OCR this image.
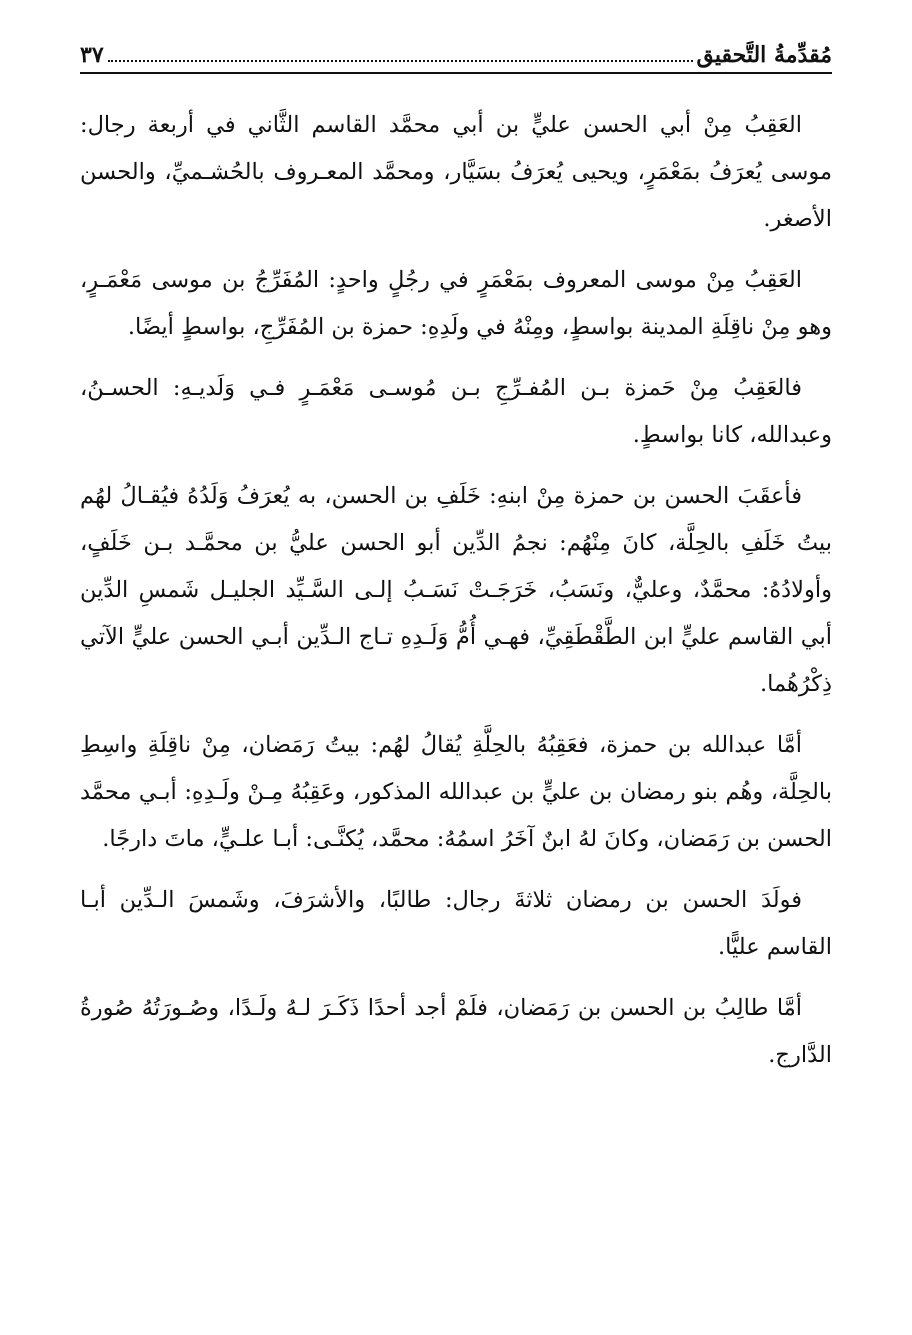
مُقدِّمةُ التَّحقيق
٣٧

العَقِبُ مِنْ أبي الحسن عليٍّ بن أبي محمَّد القاسم الثَّاني في أربعة رجال: موسى يُعرَفُ بمَعْمَرٍ، ويحيى يُعرَفُ بسَيَّار، ومحمَّد المعـروف بالحُشـميِّ، والحسن الأصغر.

العَقِبُ مِنْ موسى المعروف بمَعْمَرٍ في رجُلٍ واحدٍ: المُفَرِّجُ بن موسى مَعْمَـرٍ، وهو مِنْ ناقِلَةِ المدينة بواسطٍ، ومِنْهُ في ولَدِهِ: حمزة بن المُفَرِّجِ، بواسطٍ أيضًا.

فالعَقِبُ مِنْ حَمزة بـن المُفـرِّجِ بـن مُوسـى مَعْمَـرٍ فـي وَلَديـهِ: الحسـنُ، وعبدالله، كانا بواسطٍ.

فأعقَبَ الحسن بن حمزة مِنْ ابنهِ: خَلَفِ بن الحسن، به يُعرَفُ وَلَدُهُ فيُقـالُ لهُم بيتُ خَلَفِ بالحِلَّة، كانَ مِنْهُم: نجمُ الدِّين أبو الحسن عليُّ بن محمَّـد بـن خَلَفٍ، وأولادُهُ: محمَّدٌ، وعليٌّ، ونَسَبُ، خَرَجَـتْ نَسَـبُ إلـى السَّـيِّد الجليـل شَمسِ الدِّين أبي القاسم عليٍّ ابن الطَّقْطَقِيِّ، فهـي أُمُّ وَلَـدِهِ تـاج الـدِّين أبـي الحسن عليٍّ الآتي ذِكْرُهُما.

أمَّا عبدالله بن حمزة، فعَقِبُهُ بالحِلَّةِ يُقالُ لهُم: بيتُ رَمَضان، مِنْ ناقِلَةِ واسِطِ بالحِلَّة، وهُم بنو رمضان بن عليٍّ بن عبدالله المذكور، وعَقِبُهُ مِـنْ ولَـدِهِ: أبـي محمَّد الحسن بن رَمَضان، وكانَ لهُ ابنٌ آخَرُ اسمُهُ: محمَّد، يُكنَّـى: أبـا علـيٍّ، ماتَ دارجًا.

فولَدَ الحسن بن رمضان ثلاثةَ رجال: طالبًا، والأشرَفَ، وشَمسَ الـدِّين أبـا القاسم عليًّا.

أمَّا طالِبُ بن الحسن بن رَمَضان، فلَمْ أجد أحدًا ذَكَـرَ لـهُ ولَـدًا، وصُـورَتُهُ صُورةُ الدَّارج.
